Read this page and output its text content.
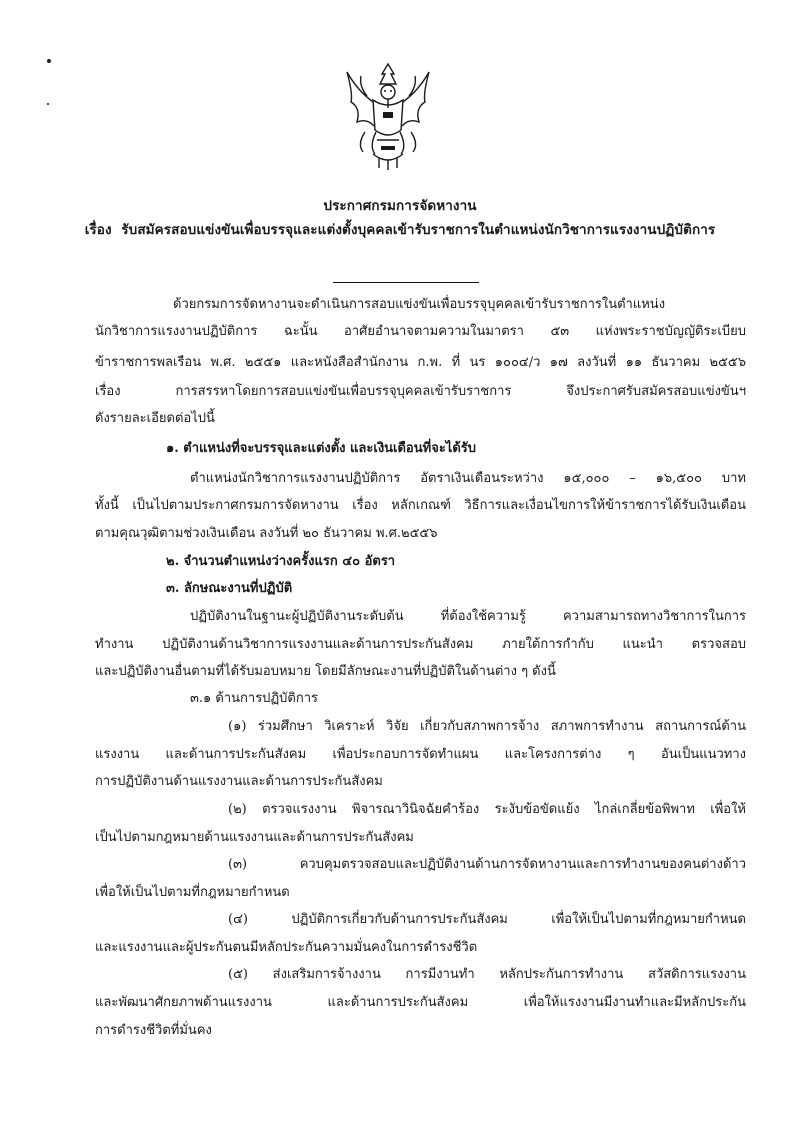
ประกาศกรมการจัดหางาน
เรื่อง รับสมัครสอบแข่งขันเพื่อบรรจุและแต่งตั้งบุคคลเข้ารับราชการในตำแหน่งนักวิชาการแรงงานปฏิบัติการ
ด้วยกรมการจัดหางานจะดำเนินการสอบแข่งขันเพื่อบรรจุบุคคลเข้ารับราชการในตำแหน่ง
นักวิชาการแรงงานปฏิบัติการ ฉะนั้น อาศัยอำนาจตามความในมาตรา ๕๓ แห่งพระราชบัญญัติระเบียบ
ข้าราชการพลเรือน พ.ศ. ๒๕๕๑ และหนังสือสำนักงาน ก.พ. ที่ นร ๑๐๐๔/ว ๑๗ ลงวันที่ ๑๑ ธันวาคม ๒๕๕๖
เรื่อง การสรรหาโดยการสอบแข่งขันเพื่อบรรจุบุคคลเข้ารับราชการ จึงประกาศรับสมัครสอบแข่งขันฯ
ดังรายละเอียดต่อไปนี้
๑. ตำแหน่งที่จะบรรจุและแต่งตั้ง และเงินเดือนที่จะได้รับ
ตำแหน่งนักวิชาการแรงงานปฏิบัติการ อัตราเงินเดือนระหว่าง ๑๕,๐๐๐ – ๑๖,๕๐๐ บาท
ทั้งนี้ เป็นไปตามประกาศกรมการจัดหางาน เรื่อง หลักเกณฑ์ วิธีการและเงื่อนไขการให้ข้าราชการได้รับเงินเดือน
ตามคุณวุฒิตามช่วงเงินเดือน ลงวันที่ ๒๐ ธันวาคม พ.ศ.๒๕๕๖
๒. จำนวนตำแหน่งว่างครั้งแรก ๔๐ อัตรา
๓. ลักษณะงานที่ปฏิบัติ
ปฏิบัติงานในฐานะผู้ปฏิบัติงานระดับต้น ที่ต้องใช้ความรู้ ความสามารถทางวิชาการในการ
ทำงาน ปฏิบัติงานด้านวิชาการแรงงานและด้านการประกันสังคม ภายใต้การกำกับ แนะนำ ตรวจสอบ
และปฏิบัติงานอื่นตามที่ได้รับมอบหมาย โดยมีลักษณะงานที่ปฏิบัติในด้านต่าง ๆ ดังนี้
๓.๑ ด้านการปฏิบัติการ
(๑) ร่วมศึกษา วิเคราะห์ วิจัย เกี่ยวกับสภาพการจ้าง สภาพการทำงาน สถานการณ์ด้าน
แรงงาน และด้านการประกันสังคม เพื่อประกอบการจัดทำแผน และโครงการต่าง ๆ อันเป็นแนวทาง
การปฏิบัติงานด้านแรงงานและด้านการประกันสังคม
(๒) ตรวจแรงงาน พิจารณาวินิจฉัยคำร้อง ระงับข้อขัดแย้ง ไกล่เกลี่ยข้อพิพาท เพื่อให้
เป็นไปตามกฎหมายด้านแรงงานและด้านการประกันสังคม
(๓) ควบคุมตรวจสอบและปฏิบัติงานด้านการจัดหางานและการทำงานของคนต่างด้าว
เพื่อให้เป็นไปตามที่กฎหมายกำหนด
(๔) ปฏิบัติการเกี่ยวกับด้านการประกันสังคม เพื่อให้เป็นไปตามที่กฎหมายกำหนด
และแรงงานและผู้ประกันตนมีหลักประกันความมั่นคงในการดำรงชีวิต
(๕) ส่งเสริมการจ้างงาน การมีงานทำ หลักประกันการทำงาน สวัสดิการแรงงาน
และพัฒนาศักยภาพด้านแรงงาน และด้านการประกันสังคม เพื่อให้แรงงานมีงานทำและมีหลักประกัน
การดำรงชีวิตที่มั่นคง
